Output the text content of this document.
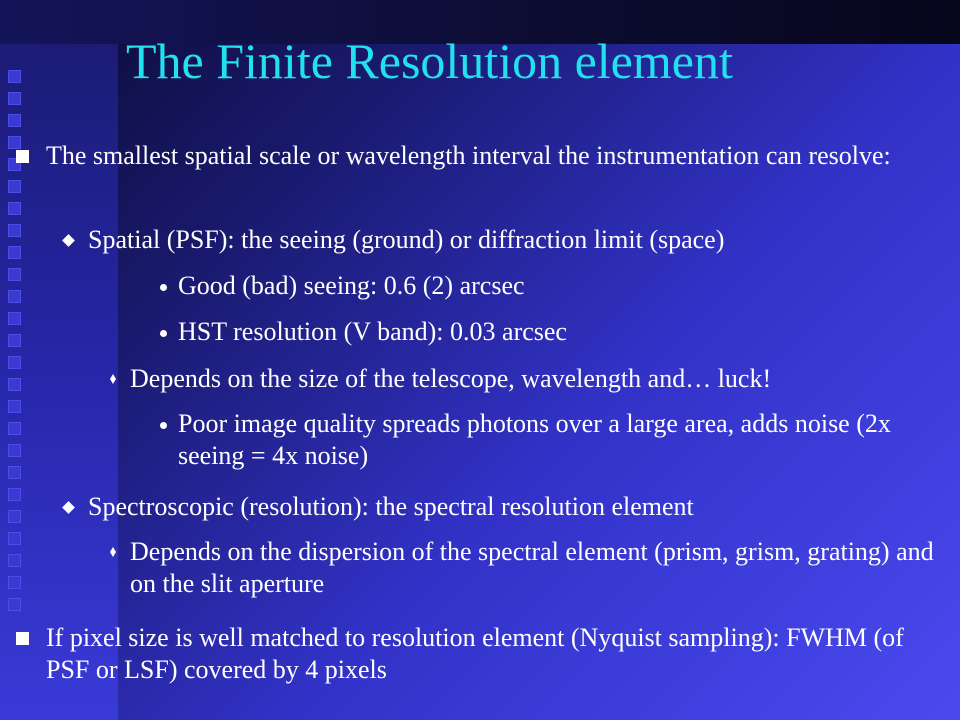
The Finite Resolution element
The smallest spatial scale or wavelength interval the instrumentation can resolve:
Spatial (PSF): the seeing (ground) or diffraction limit (space)
Good (bad) seeing: 0.6 (2) arcsec
HST resolution (V band): 0.03 arcsec
Depends on the size of the telescope, wavelength and… luck!
Poor image quality spreads photons over a large area, adds noise (2x seeing = 4x noise)
Spectroscopic (resolution): the spectral resolution element
Depends on the dispersion of the spectral element (prism, grism, grating) and on the slit aperture
If pixel size is well matched to resolution element (Nyquist sampling): FWHM (of PSF or LSF) covered by 4 pixels
